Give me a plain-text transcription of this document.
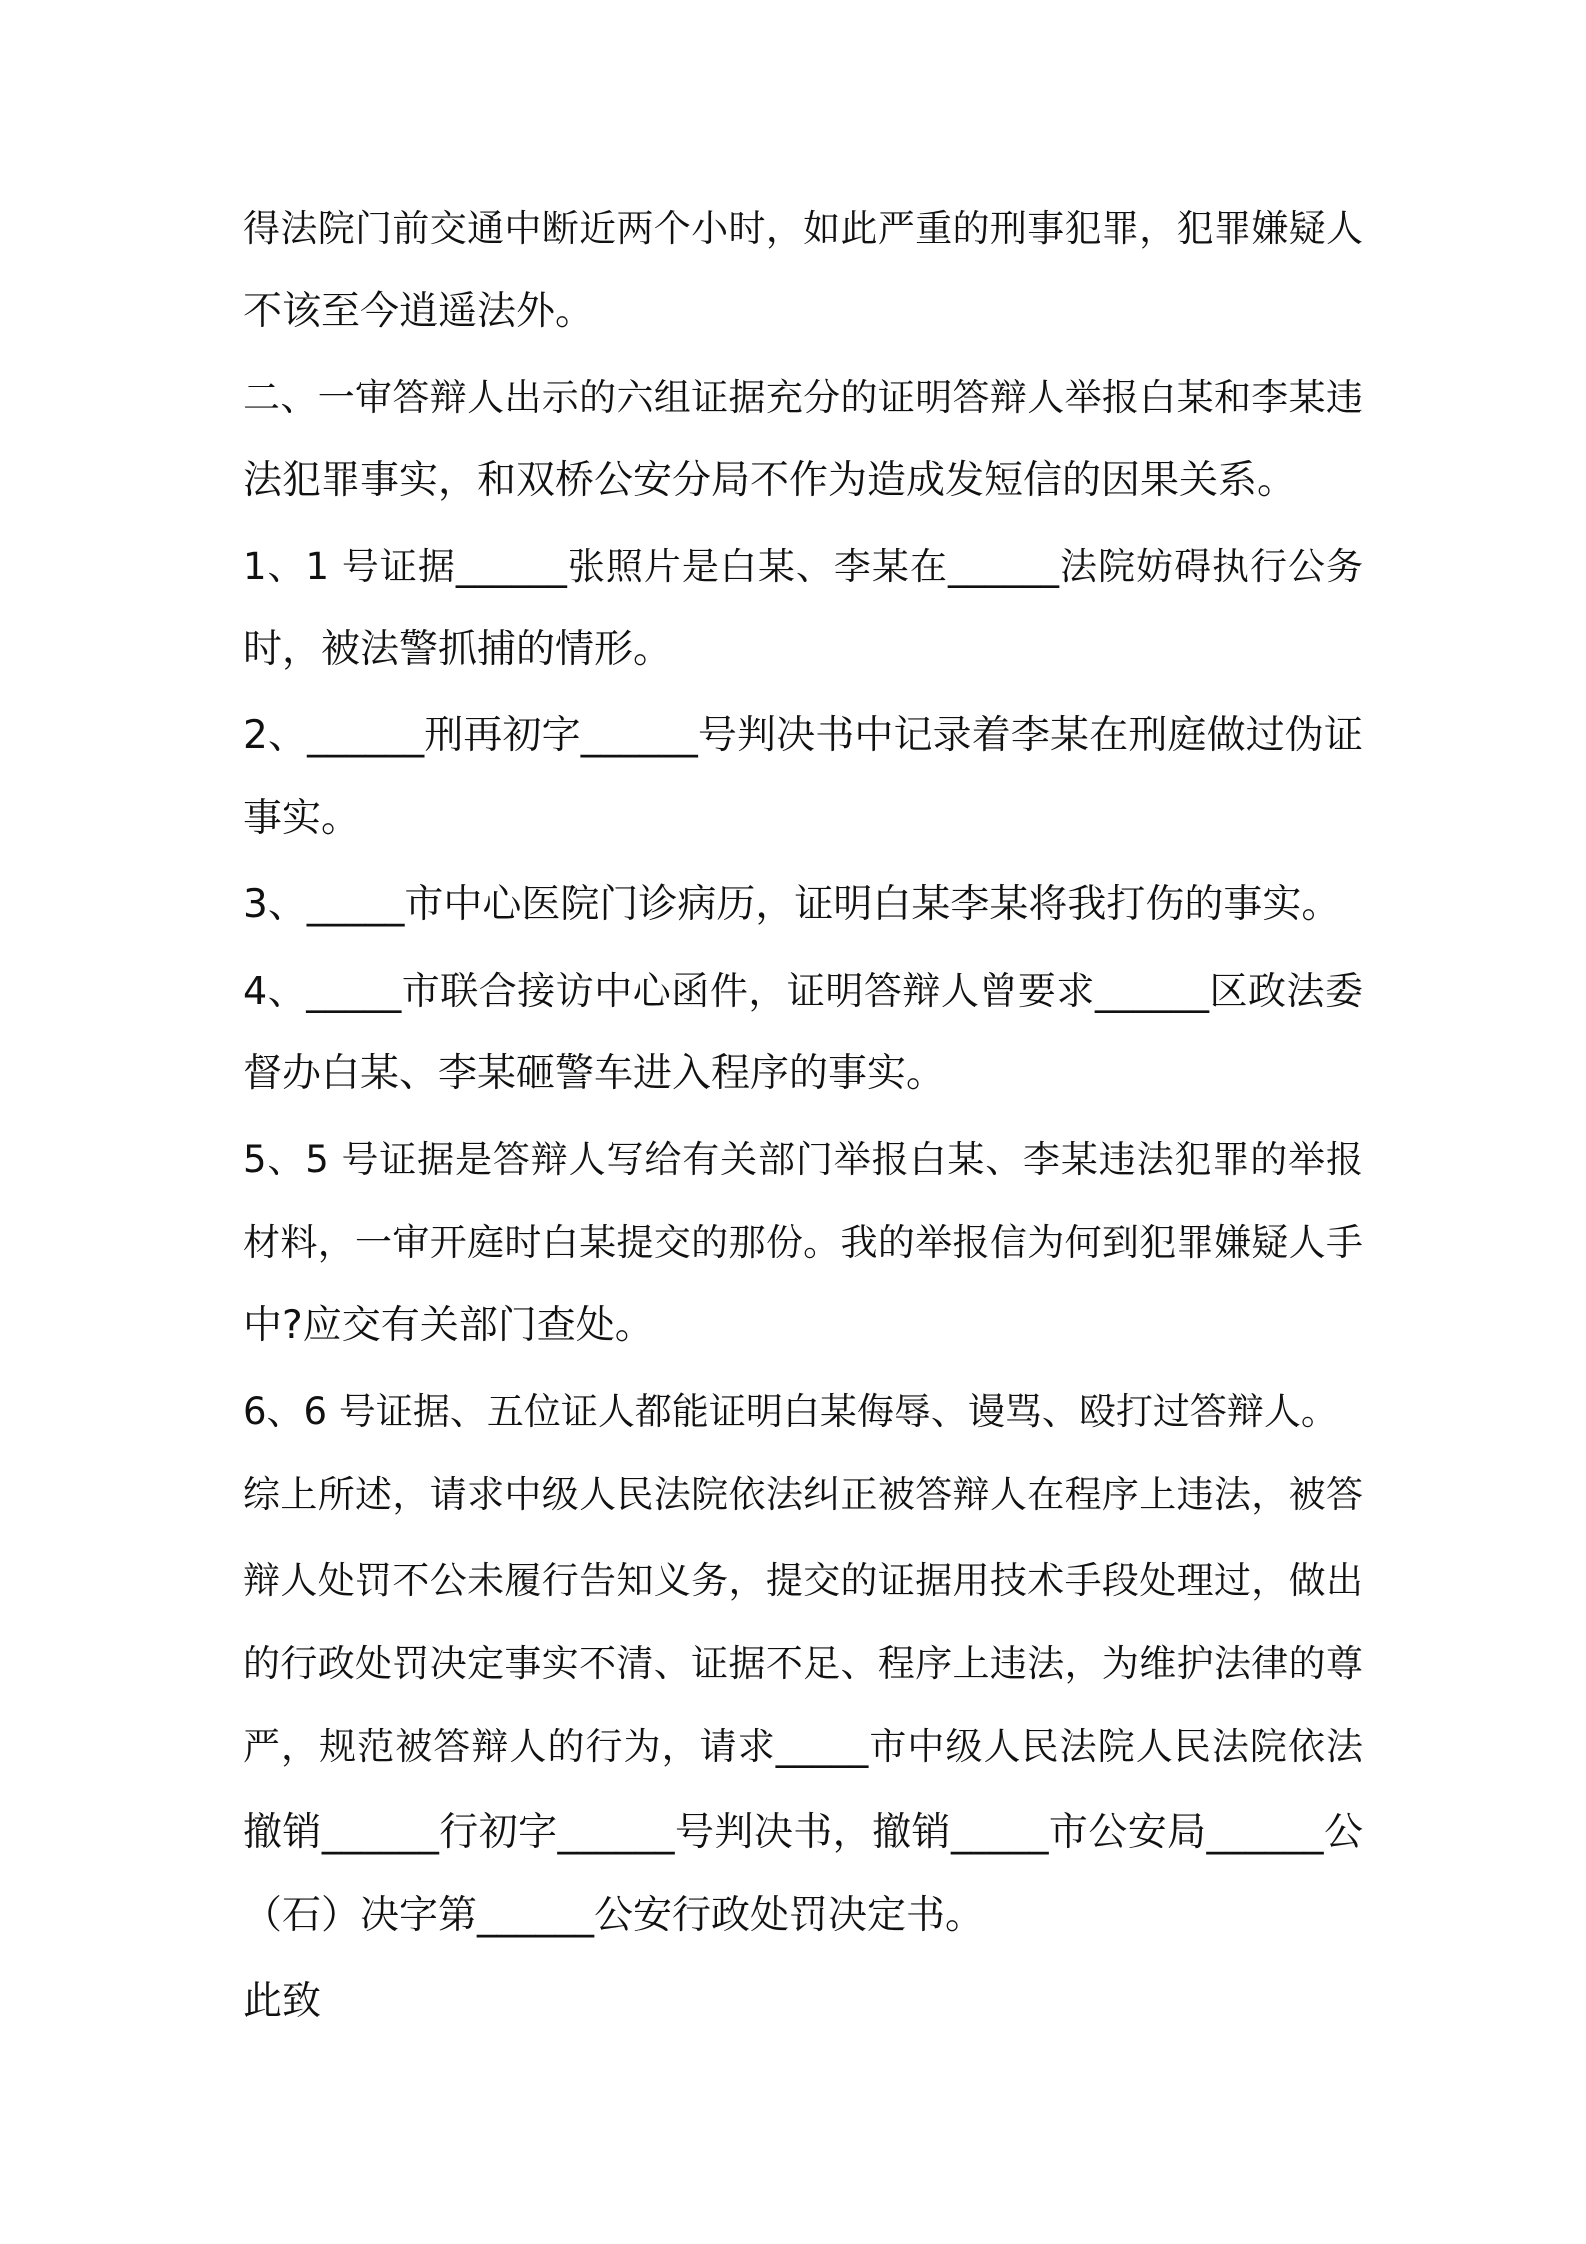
得法院门前交通中断近两个小时，如此严重的刑事犯罪，犯罪嫌疑人
不该至今逍遥法外。
二、一审答辩人出示的六组证据充分的证明答辩人举报白某和李某违
法犯罪事实，和双桥公安分局不作为造成发短信的因果关系。
1、1 号证据______张照片是白某、李某在______法院妨碍执行公务
时，被法警抓捕的情形。
2、______刑再初字______号判决书中记录着李某在刑庭做过伪证
事实。
3、_____市中心医院门诊病历，证明白某李某将我打伤的事实。
4、_____市联合接访中心函件，证明答辩人曾要求______区政法委
督办白某、李某砸警车进入程序的事实。
5、5 号证据是答辩人写给有关部门举报白某、李某违法犯罪的举报
材料，一审开庭时白某提交的那份。我的举报信为何到犯罪嫌疑人手
中?应交有关部门查处。
6、6 号证据、五位证人都能证明白某侮辱、谩骂、殴打过答辩人。
综上所述，请求中级人民法院依法纠正被答辩人在程序上违法，被答
辩人处罚不公未履行告知义务，提交的证据用技术手段处理过，做出
的行政处罚决定事实不清、证据不足、程序上违法，为维护法律的尊
严，规范被答辩人的行为，请求_____市中级人民法院人民法院依法
撤销______行初字______号判决书，撤销_____市公安局______公
（石）决字第______公安行政处罚决定书。
此致
